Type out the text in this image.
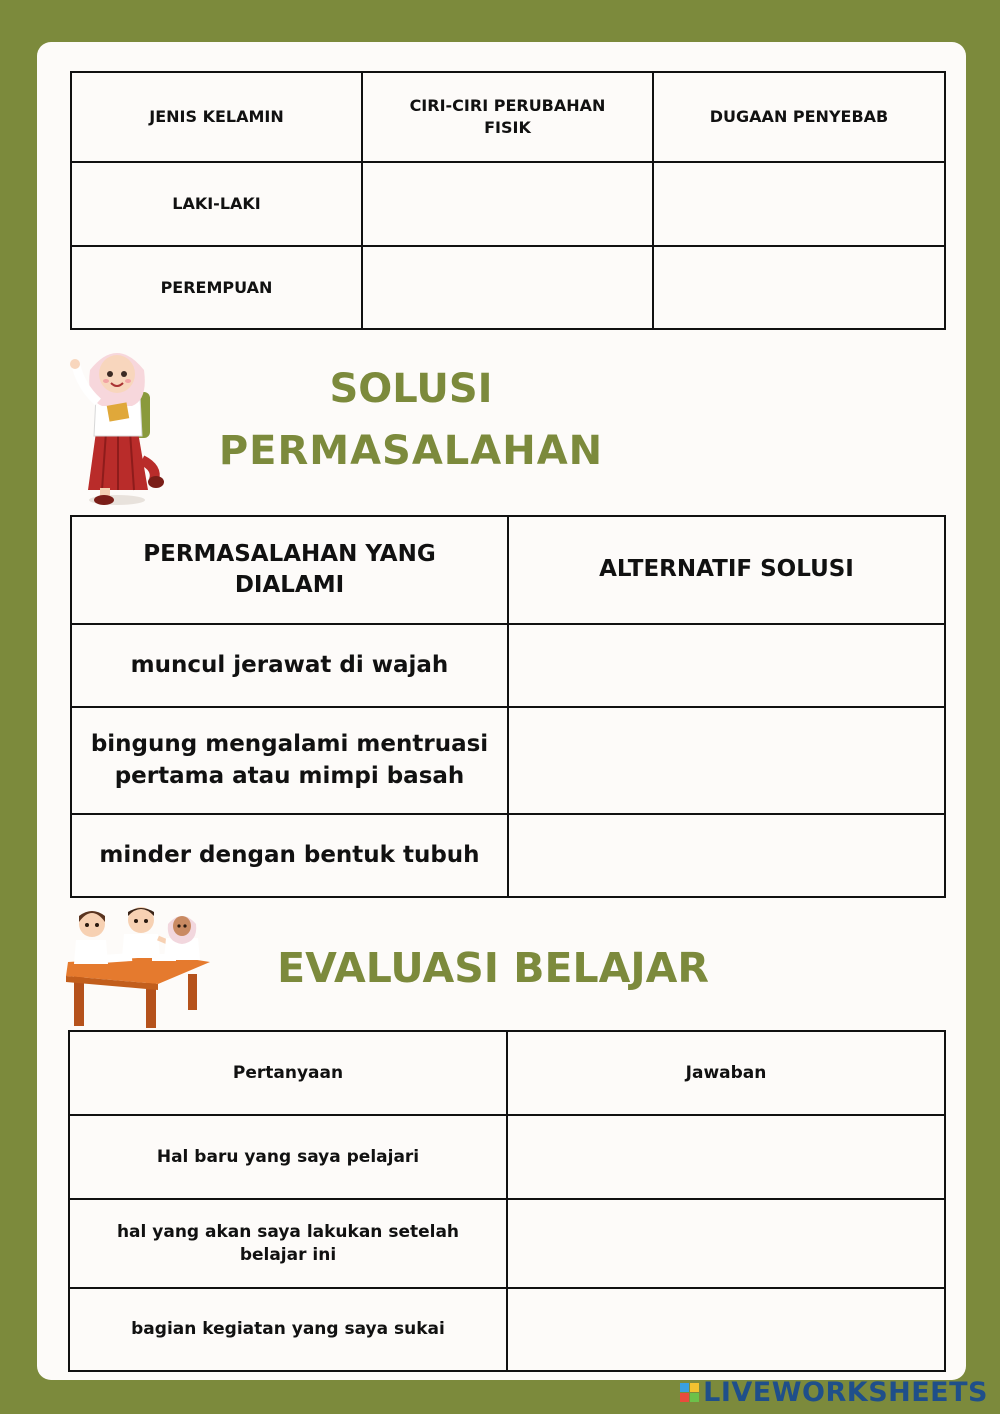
JENIS KELAMIN	CIRI-CIRI PERUBAHAN FISIK	DUGAAN PENYEBAB
LAKI-LAKI		
PEREMPUAN		
SOLUSI
PERMASALAHAN
PERMASALAHAN YANG DIALAMI	ALTERNATIF SOLUSI
muncul jerawat di wajah	
bingung mengalami mentruasi pertama atau mimpi basah	
minder dengan bentuk tubuh	
EVALUASI BELAJAR
Pertanyaan	Jawaban
Hal baru yang saya pelajari	
hal yang akan saya lakukan setelah belajar ini	
bagian kegiatan yang saya sukai	
LIVEWORKSHEETS
